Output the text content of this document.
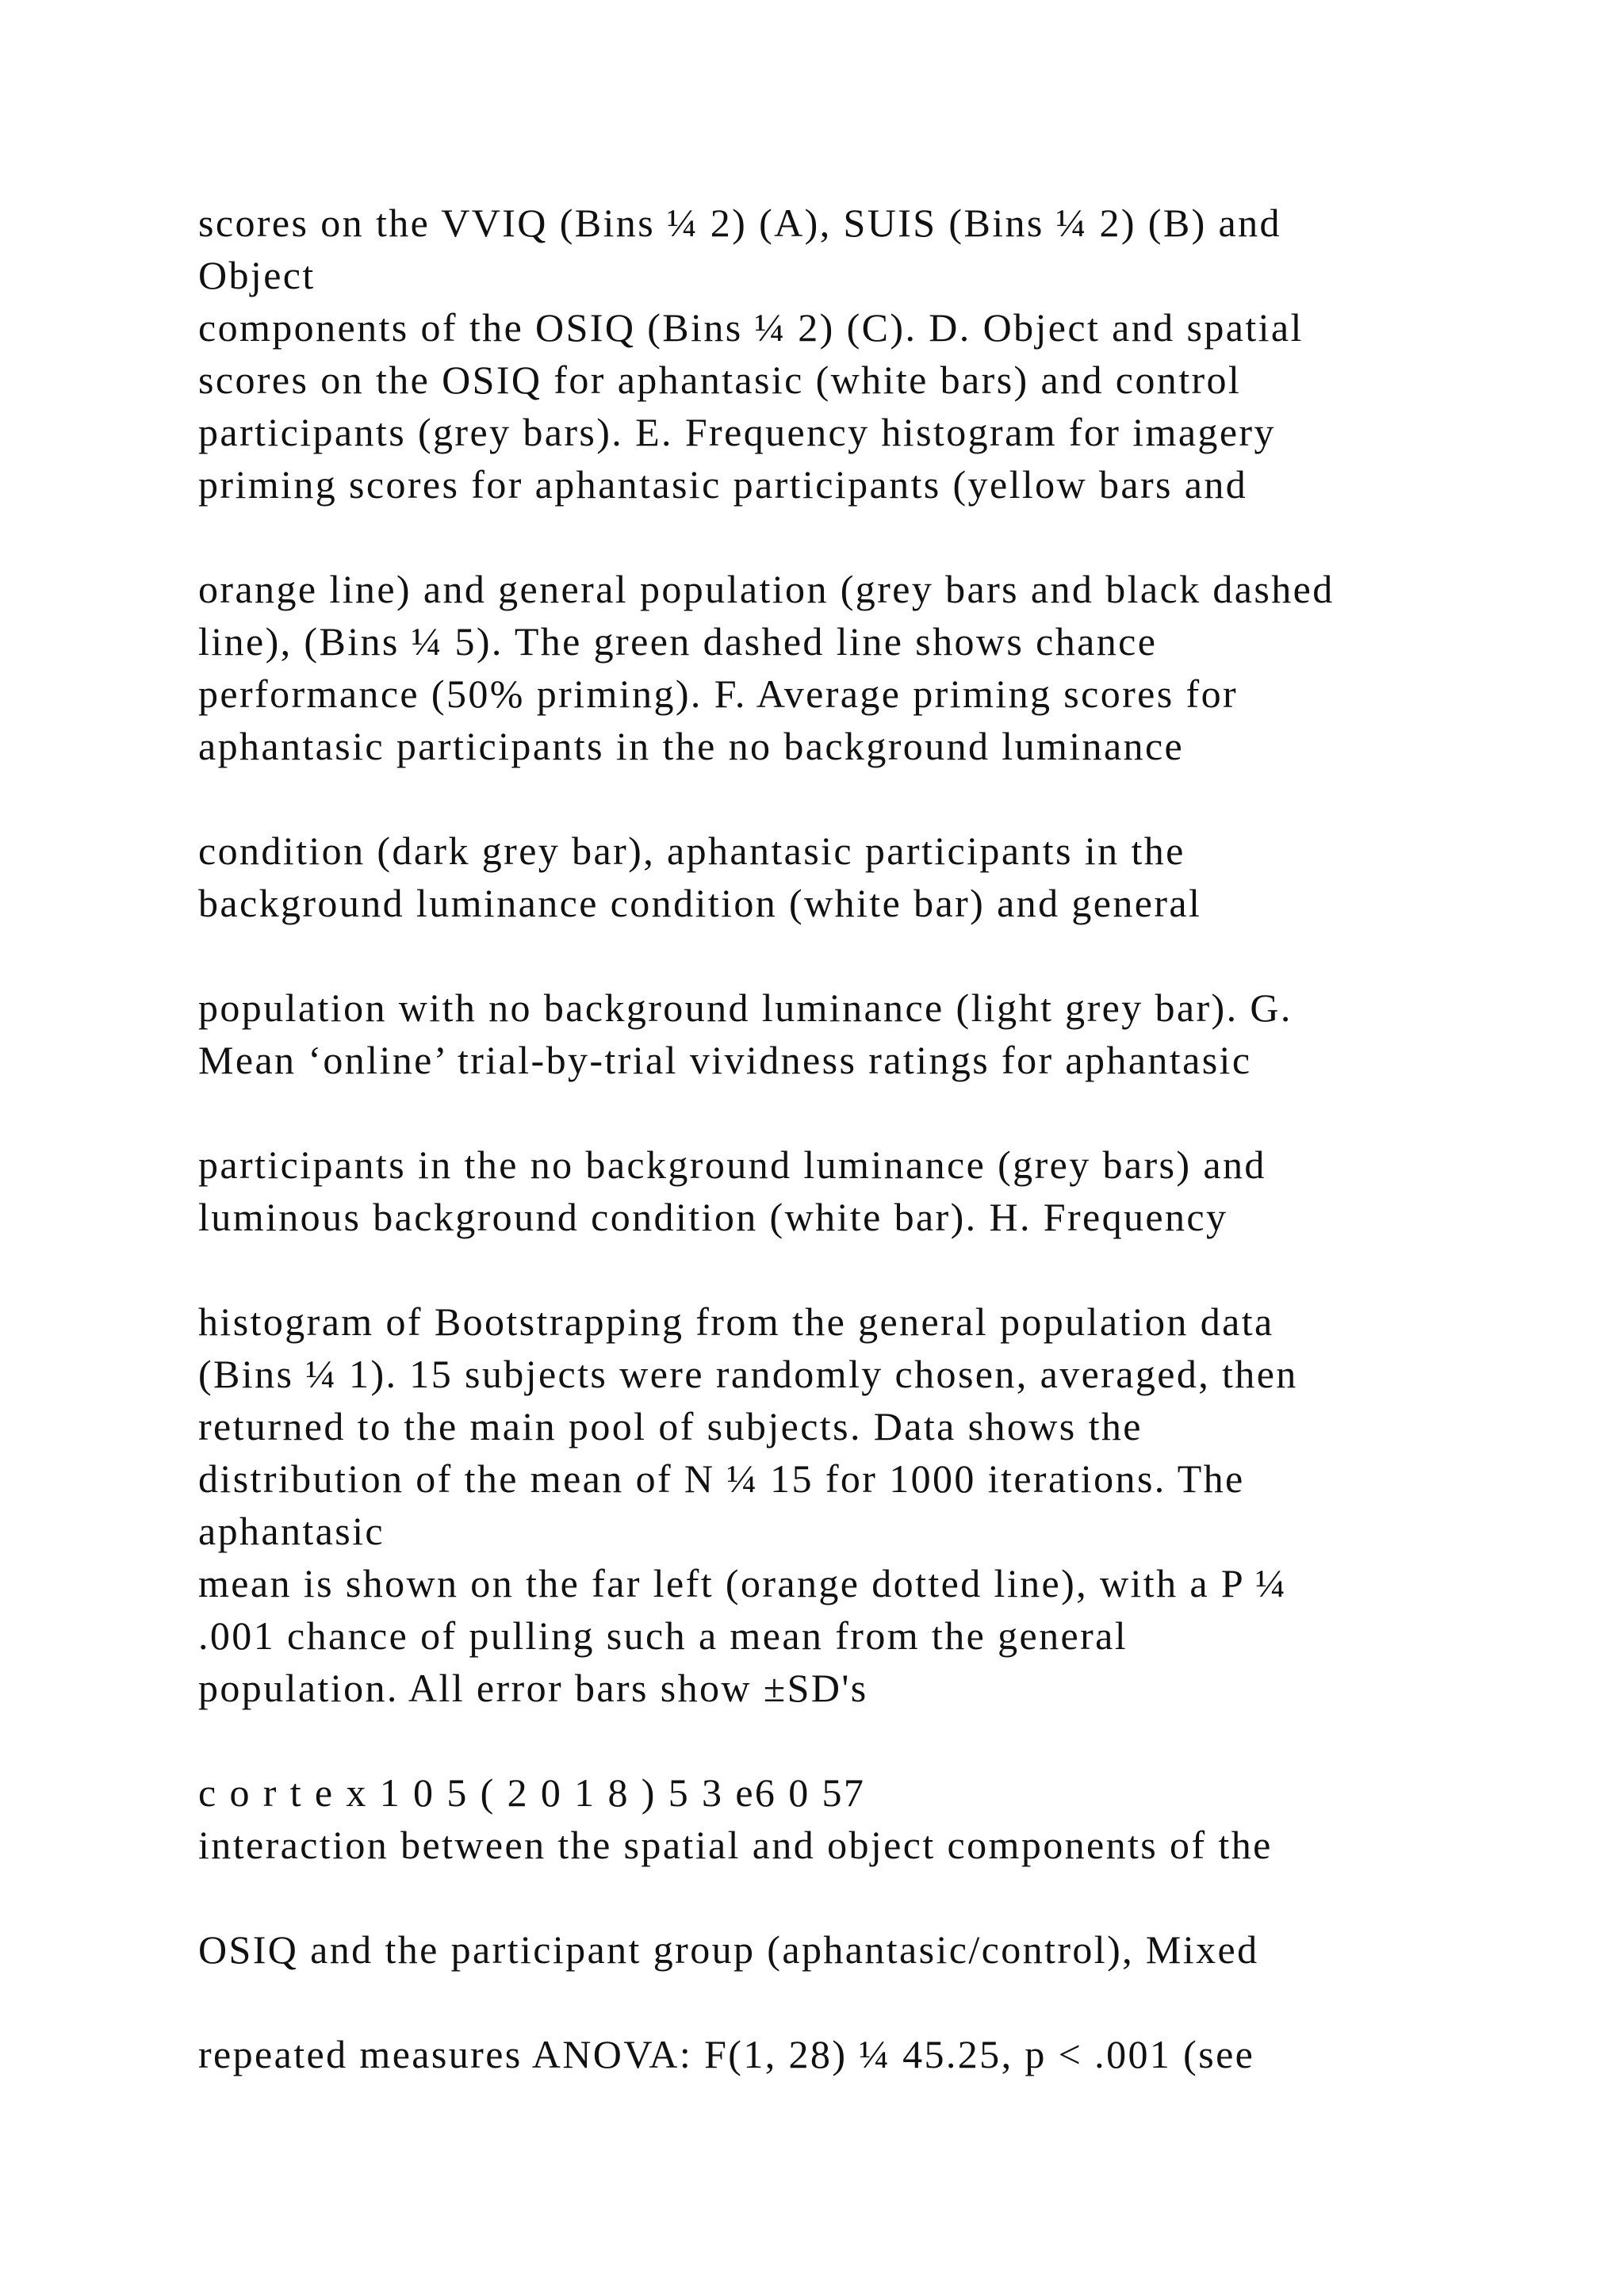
scores on the VVIQ (Bins ¼ 2) (A), SUIS (Bins ¼ 2) (B) and
Object
components of the OSIQ (Bins ¼ 2) (C). D. Object and spatial
scores on the OSIQ for aphantasic (white bars) and control
participants (grey bars). E. Frequency histogram for imagery
priming scores for aphantasic participants (yellow bars and
orange line) and general population (grey bars and black dashed
line), (Bins ¼ 5). The green dashed line shows chance
performance (50% priming). F. Average priming scores for
aphantasic participants in the no background luminance
condition (dark grey bar), aphantasic participants in the
background luminance condition (white bar) and general
population with no background luminance (light grey bar). G.
Mean ‘online’ trial-by-trial vividness ratings for aphantasic
participants in the no background luminance (grey bars) and
luminous background condition (white bar). H. Frequency
histogram of Bootstrapping from the general population data
(Bins ¼ 1). 15 subjects were randomly chosen, averaged, then
returned to the main pool of subjects. Data shows the
distribution of the mean of N ¼ 15 for 1000 iterations. The
aphantasic
mean is shown on the far left (orange dotted line), with a P ¼
.001 chance of pulling such a mean from the general
population. All error bars show ±SD's
c o r t e x 1 0 5 ( 2 0 1 8 ) 5 3 e6 0 57
interaction between the spatial and object components of the
OSIQ and the participant group (aphantasic/control), Mixed
repeated measures ANOVA: F(1, 28) ¼ 45.25, p < .001 (see
